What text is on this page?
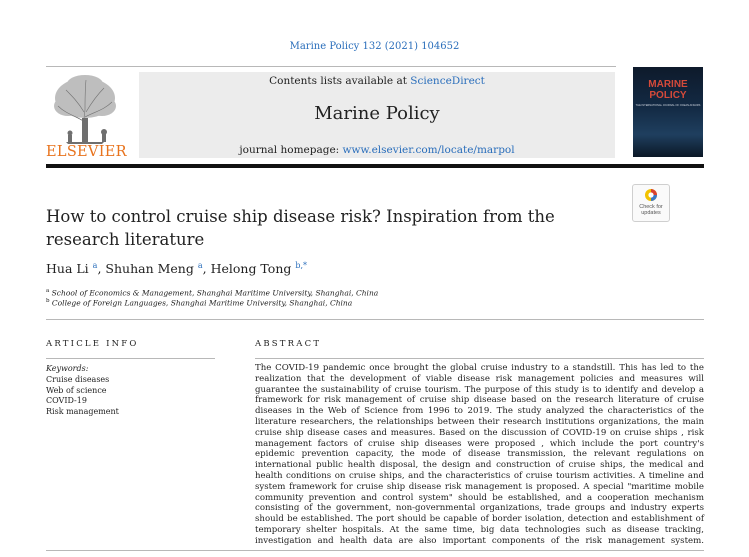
Marine Policy 132 (2021) 104652
ELSEVIER
Contents lists available at ScienceDirect
Marine Policy
journal homepage: www.elsevier.com/locate/marpol
MARINE
POLICY
THE INTERNATIONAL JOURNAL OF OCEAN AFFAIRS
Check for
updates
How to control cruise ship disease risk? Inspiration from the
research literature
Hua Li $^a$, Shuhan Meng $^a$, Helong Tong $^{b,*}$
$^a$ School of Economics & Management, Shanghai Maritime University, Shanghai, China
$^b$ College of Foreign Languages, Shanghai Maritime University, Shanghai, China
ARTICLE INFO
Keywords:
Cruise diseases
Web of science
COVID-19
Risk management
ABSTRACT
The COVID-19 pandemic once brought the global cruise industry to a standstill. This has led to the realization that the development of viable disease risk management policies and measures will guarantee the sustainability of cruise tourism. The purpose of this study is to identify and develop a framework for risk management of cruise ship disease based on the research literature of cruise diseases in the Web of Science from 1996 to 2019. The study analyzed the characteristics of the literature researchers, the relationships between their research institutions organizations, the main cruise ship disease cases and measures. Based on the discussion of COVID-19 on cruise ships , risk management factors of cruise ship diseases were proposed , which include the port country's epidemic prevention capacity, the mode of disease transmission, the relevant regulations on international public health disposal, the design and construction of cruise ships, the medical and health conditions on cruise ships, and the characteristics of cruise tourism activities. A timeline and system framework for cruise ship disease risk management is proposed. A special "maritime mobile community prevention and control system" should be established, and a cooperation mechanism consisting of the government, non-governmental organizations, trade groups and industry experts should be established. The port should be capable of border isolation, detection and establishment of temporary shelter hospitals. At the same time, big data technologies such as disease tracking, investigation and health data are also important components of the risk management system.
